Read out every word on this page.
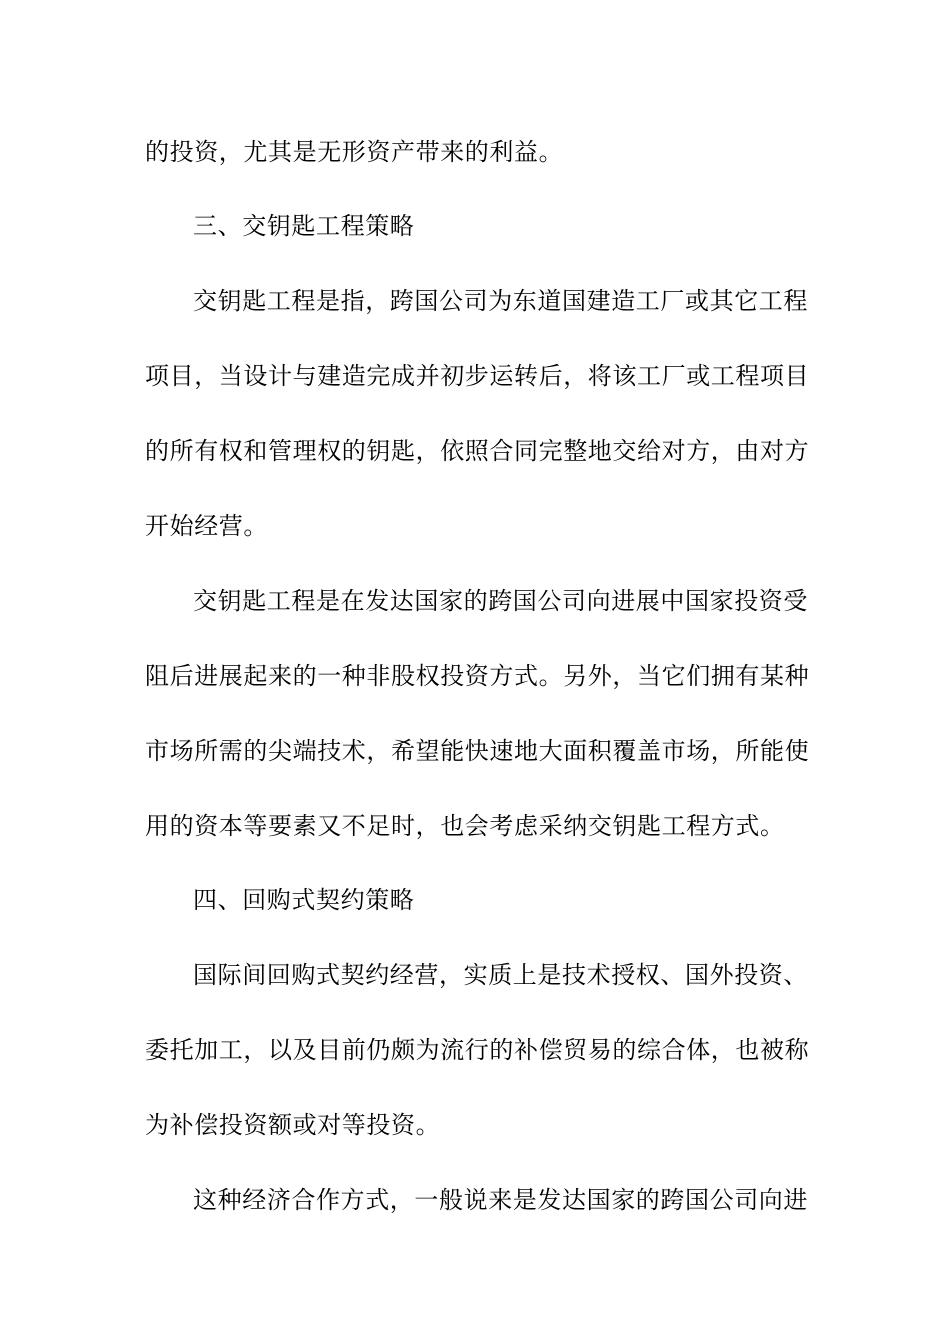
的投资，尤其是无形资产带来的利益。
三、交钥匙工程策略
交钥匙工程是指，跨国公司为东道国建造工厂或其它工程
项目，当设计与建造完成并初步运转后，将该工厂或工程项目
的所有权和管理权的钥匙，依照合同完整地交给对方，由对方
开始经营。
交钥匙工程是在发达国家的跨国公司向进展中国家投资受
阻后进展起来的一种非股权投资方式。另外，当它们拥有某种
市场所需的尖端技术，希望能快速地大面积覆盖市场，所能使
用的资本等要素又不足时，也会考虑采纳交钥匙工程方式。
四、回购式契约策略
国际间回购式契约经营，实质上是技术授权、国外投资、
委托加工，以及目前仍颇为流行的补偿贸易的综合体，也被称
为补偿投资额或对等投资。
这种经济合作方式，一般说来是发达国家的跨国公司向进
